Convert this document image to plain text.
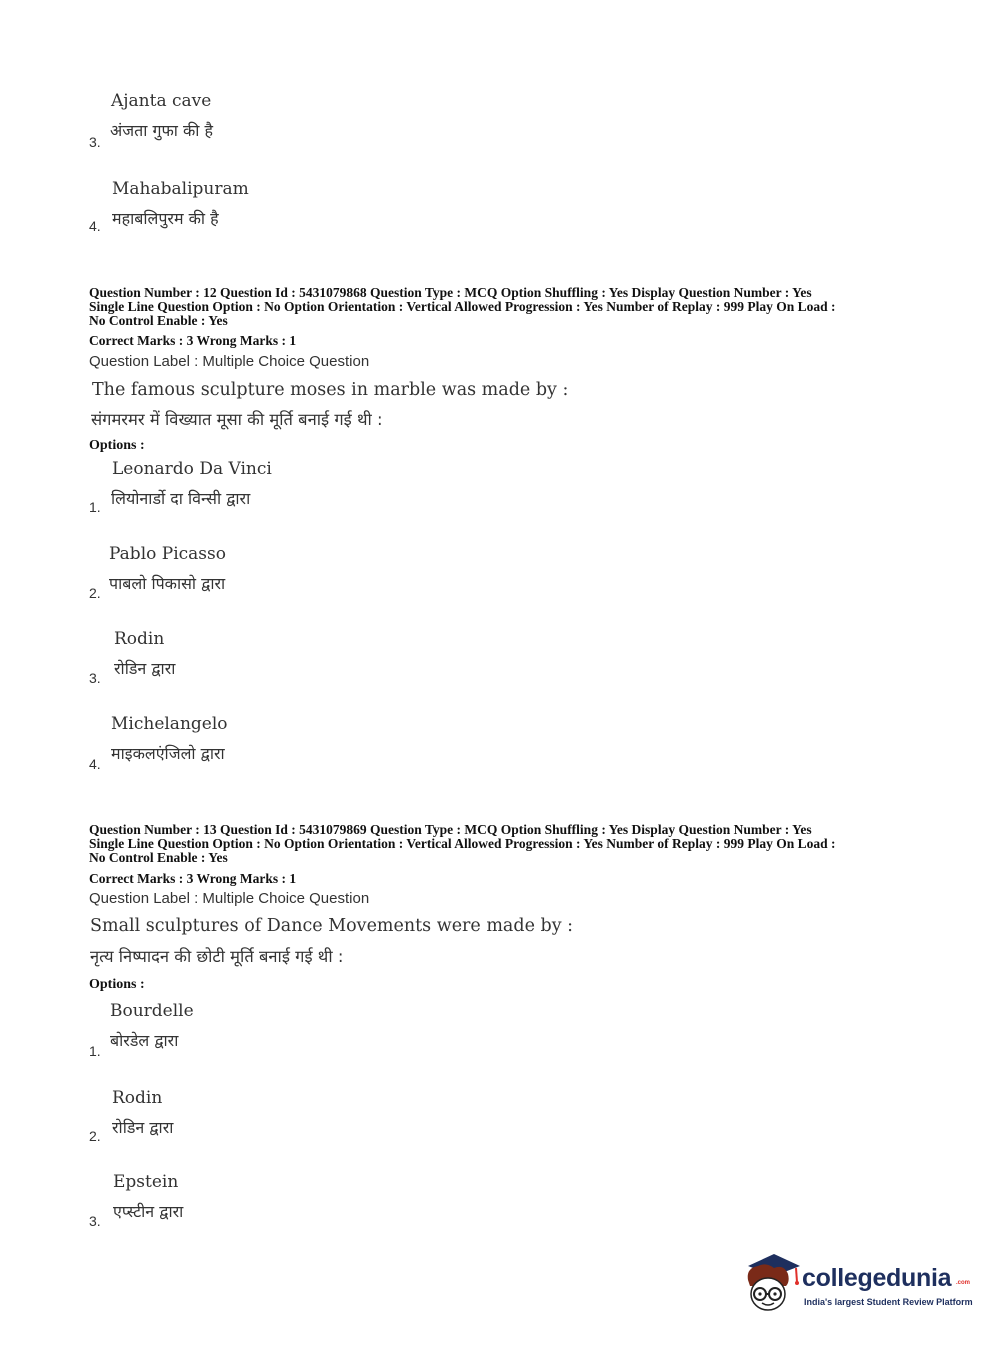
Ajanta cave
अंजता गुफा की है
3.
Mahabalipuram
महाबलिपुरम की है
4.
Question Number : 12 Question Id : 5431079868 Question Type : MCQ Option Shuffling : Yes Display Question Number : Yes
Single Line Question Option : No Option Orientation : Vertical Allowed Progression : Yes Number of Replay : 999 Play On Load :
No Control Enable : Yes
Correct Marks : 3 Wrong Marks : 1
Question Label : Multiple Choice Question
The famous sculpture moses in marble was made by :
संगमरमर में विख्यात मूसा की मूर्ति बनाई गई थी :
Options :
Leonardo Da Vinci
लियोनार्डो दा विन्सी द्वारा
1.
Pablo Picasso
पाबलो पिकासो द्वारा
2.
Rodin
रोडिन द्वारा
3.
Michelangelo
माइकलएंजिलो द्वारा
4.
Question Number : 13 Question Id : 5431079869 Question Type : MCQ Option Shuffling : Yes Display Question Number : Yes
Single Line Question Option : No Option Orientation : Vertical Allowed Progression : Yes Number of Replay : 999 Play On Load :
No Control Enable : Yes
Correct Marks : 3 Wrong Marks : 1
Question Label : Multiple Choice Question
Small sculptures of Dance Movements were made by :
नृत्य निष्पादन की छोटी मूर्ति बनाई गई थी :
Options :
Bourdelle
बोरडेल द्वारा
1.
Rodin
रोडिन द्वारा
2.
Epstein
एप्स्टीन द्वारा
3.
collegedunia .com
India's largest Student Review Platform
